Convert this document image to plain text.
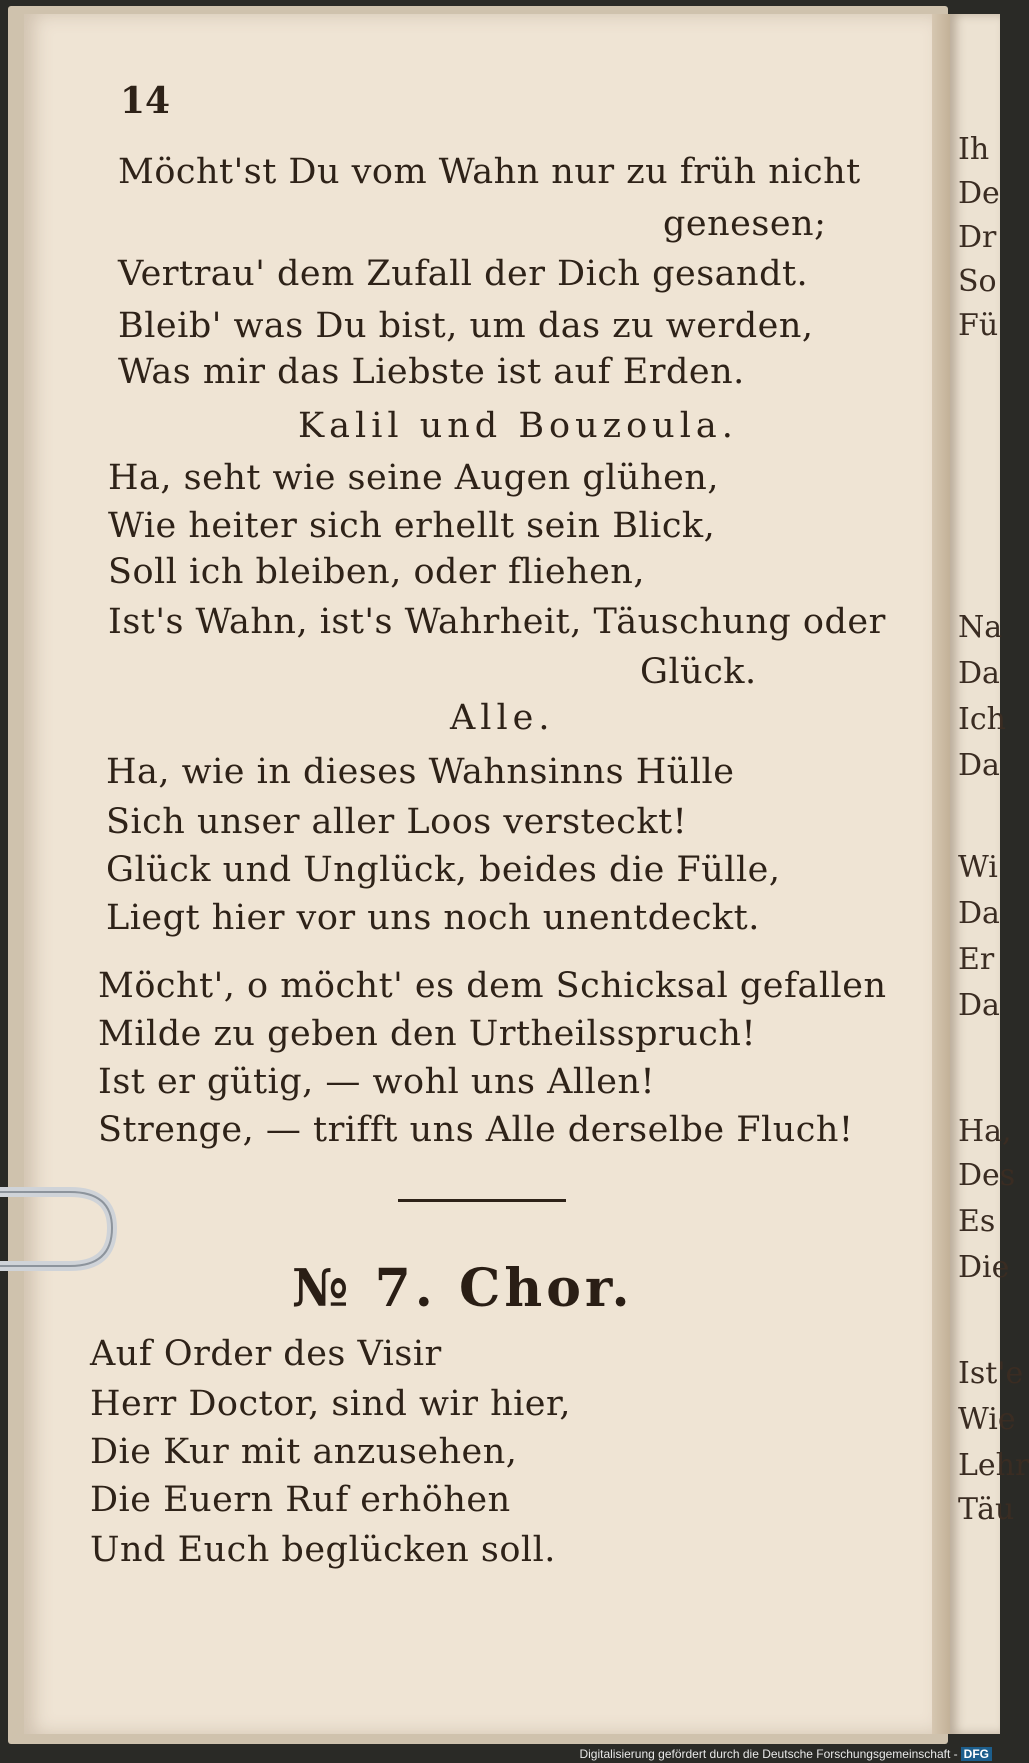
Ih
De
Dr
So
Fü
Na
Da
Ich
Da
Wi
Da
Er
Da
Ha,
Des
Es
Die
Ist'e
Wie
Lehr
Täu
14
Möcht'st Du vom Wahn nur zu früh nicht
genesen;
Vertrau' dem Zufall der Dich gesandt.
Bleib' was Du bist, um das zu werden,
Was mir das Liebste ist auf Erden.
Kalil und Bouzoula.
Ha, seht wie seine Augen glühen,
Wie heiter sich erhellt sein Blick,
Soll ich bleiben, oder fliehen,
Ist's Wahn, ist's Wahrheit, Täuschung oder
Glück.
Alle.
Ha, wie in dieses Wahnsinns Hülle
Sich unser aller Loos versteckt!
Glück und Unglück, beides die Fülle,
Liegt hier vor uns noch unentdeckt.
Möcht', o möcht' es dem Schicksal gefallen
Milde zu geben den Urtheilsspruch!
Ist er gütig, — wohl uns Allen!
Strenge, — trifft uns Alle derselbe Fluch!
№ 7. Chor.
Auf Order des Visir
Herr Doctor, sind wir hier,
Die Kur mit anzusehen,
Die Euern Ruf erhöhen
Und Euch beglücken soll.
Digitalisierung gefördert durch die Deutsche Forschungsgemeinschaft - DFG
